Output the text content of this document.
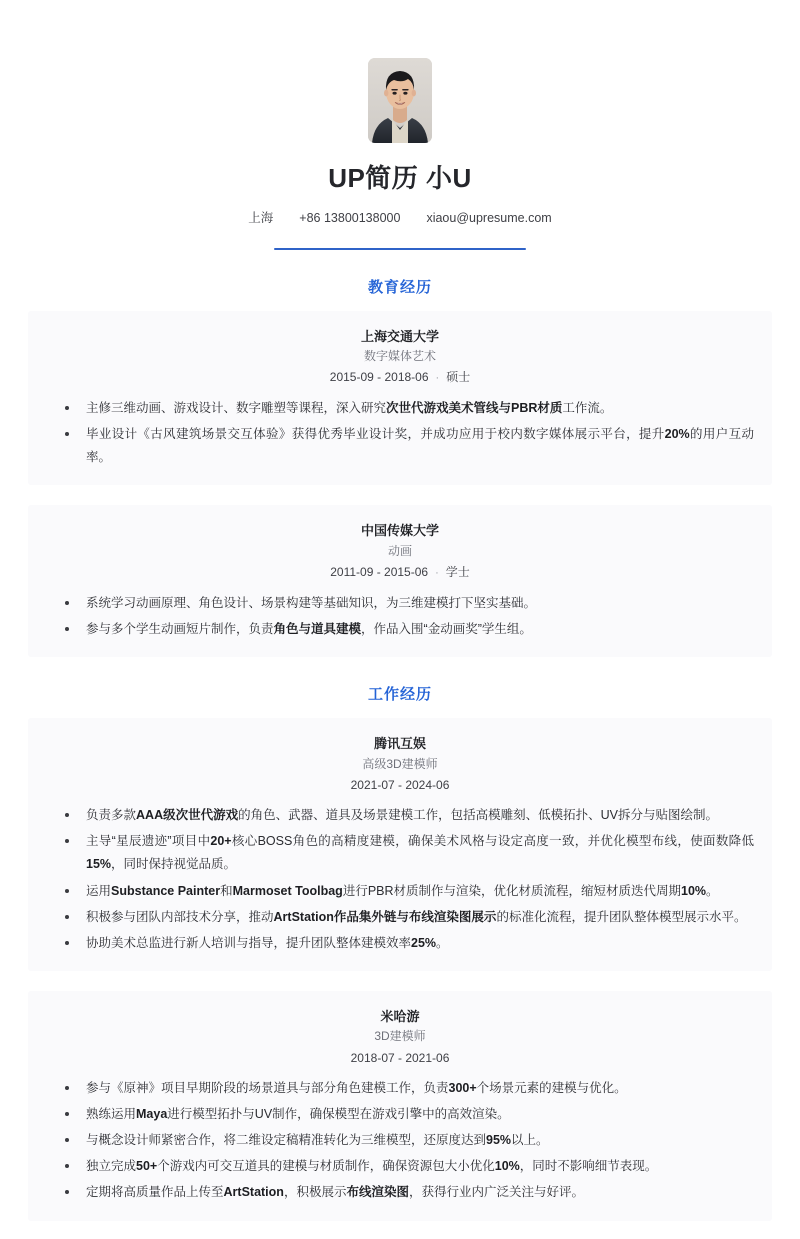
UP简历 小U
上海 +86 13800138000 xiaou@upresume.com
教育经历
上海交通大学
数字媒体艺术
2015-09 - 2018-06 · 硕士
主修三维动画、游戏设计、数字雕塑等课程，深入研究次世代游戏美术管线与PBR材质工作流。
毕业设计《古风建筑场景交互体验》获得优秀毕业设计奖，并成功应用于校内数字媒体展示平台，提升20%的用户互动率。
中国传媒大学
动画
2011-09 - 2015-06 · 学士
系统学习动画原理、角色设计、场景构建等基础知识，为三维建模打下坚实基础。
参与多个学生动画短片制作，负责角色与道具建模，作品入围“金动画奖”学生组。
工作经历
腾讯互娱
高级3D建模师
2021-07 - 2024-06
负责多款AAA级次世代游戏的角色、武器、道具及场景建模工作，包括高模雕刻、低模拓扑、UV拆分与贴图绘制。
主导“星辰遗迹”项目中20+核心BOSS角色的高精度建模，确保美术风格与设定高度一致，并优化模型布线，使面数降低15%，同时保持视觉品质。
运用Substance Painter和Marmoset Toolbag进行PBR材质制作与渲染，优化材质流程，缩短材质迭代周期10%。
积极参与团队内部技术分享，推动ArtStation作品集外链与布线渲染图展示的标准化流程，提升团队整体模型展示水平。
协助美术总监进行新人培训与指导，提升团队整体建模效率25%。
米哈游
3D建模师
2018-07 - 2021-06
参与《原神》项目早期阶段的场景道具与部分角色建模工作，负责300+个场景元素的建模与优化。
熟练运用Maya进行模型拓扑与UV制作，确保模型在游戏引擎中的高效渲染。
与概念设计师紧密合作，将二维设定稿精准转化为三维模型，还原度达到95%以上。
独立完成50+个游戏内可交互道具的建模与材质制作，确保资源包大小优化10%，同时不影响细节表现。
定期将高质量作品上传至ArtStation，积极展示布线渲染图，获得行业内广泛关注与好评。
